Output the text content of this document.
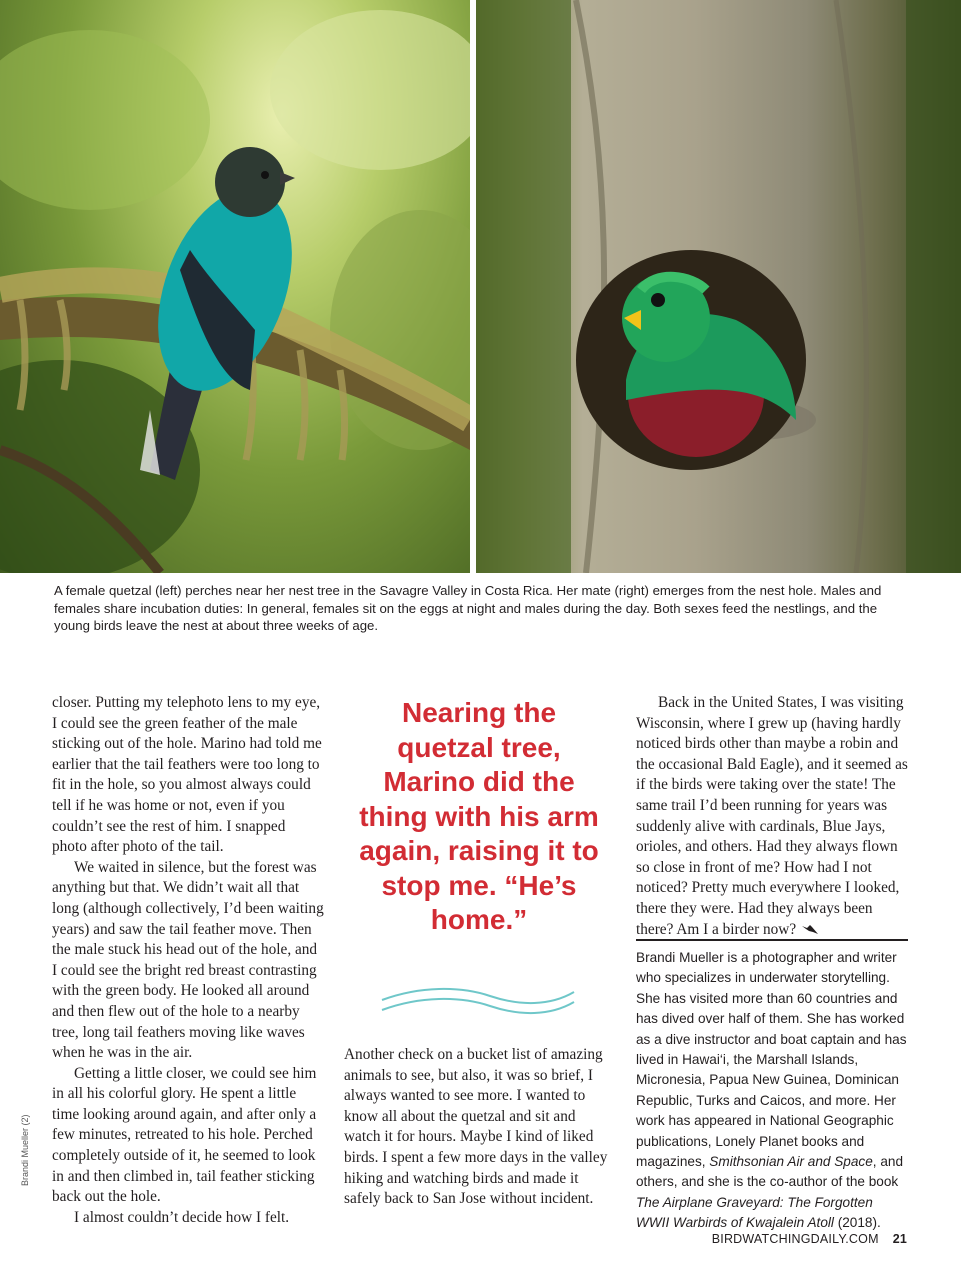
A female quetzal (left) perches near her nest tree in the Savagre Valley in Costa Rica. Her mate (right) emerges from the nest hole. Males and females share incubation duties: In general, females sit on the eggs at night and males during the day. Both sexes feed the nestlings, and the young birds leave the nest at about three weeks of age.
Brandi Mueller (2)

closer. Putting my telephoto lens to my eye, I could see the green feather of the male sticking out of the hole. Marino had told me earlier that the tail feathers were too long to fit in the hole, so you almost always could tell if he was home or not, even if you couldn’t see the rest of him. I snapped photo after photo of the tail.

We waited in silence, but the forest was anything but that. We didn’t wait all that long (although collectively, I’d been waiting years) and saw the tail feather move. Then the male stuck his head out of the hole, and I could see the bright red breast contrasting with the green body. He looked all around and then flew out of the hole to a nearby tree, long tail feathers moving like waves when he was in the air.

Getting a little closer, we could see him in all his colorful glory. He spent a little time looking around again, and after only a few minutes, retreated to his hole. Perched completely outside of it, he seemed to look in and then climbed in, tail feather sticking back out the hole.

I almost couldn’t decide how I felt.

Nearing the quetzal tree, Marino did the thing with his arm again, raising it to stop me. “He’s home.”

Another check on a bucket list of amazing animals to see, but also, it was so brief, I always wanted to see more. I wanted to know all about the quetzal and sit and watch it for hours. Maybe I kind of liked birds. I spent a few more days in the valley hiking and watching birds and made it safely back to San Jose without incident.

Back in the United States, I was visiting Wisconsin, where I grew up (having hardly noticed birds other than maybe a robin and the occasional Bald Eagle), and it seemed as if the birds were taking over the state! The same trail I’d been running for years was suddenly alive with cardinals, Blue Jays, orioles, and others. Had they always flown so close in front of me? How had I not noticed? Pretty much everywhere I looked, there they were. Had they always been there? Am I a birder now?

Brandi Mueller is a photographer and writer who specializes in underwater storytelling. She has visited more than 60 countries and has dived over half of them. She has worked as a dive instructor and boat captain and has lived in Hawai‘i, the Marshall Islands, Micronesia, Papua New Guinea, Dominican Republic, Turks and Caicos, and more. Her work has appeared in National Geographic publications, Lonely Planet books and magazines, Smithsonian Air and Space, and others, and she is the co-author of the book The Airplane Graveyard: The Forgotten WWII Warbirds of Kwajalein Atoll (2018).
BIRDWATCHINGDAILY.COM 21
